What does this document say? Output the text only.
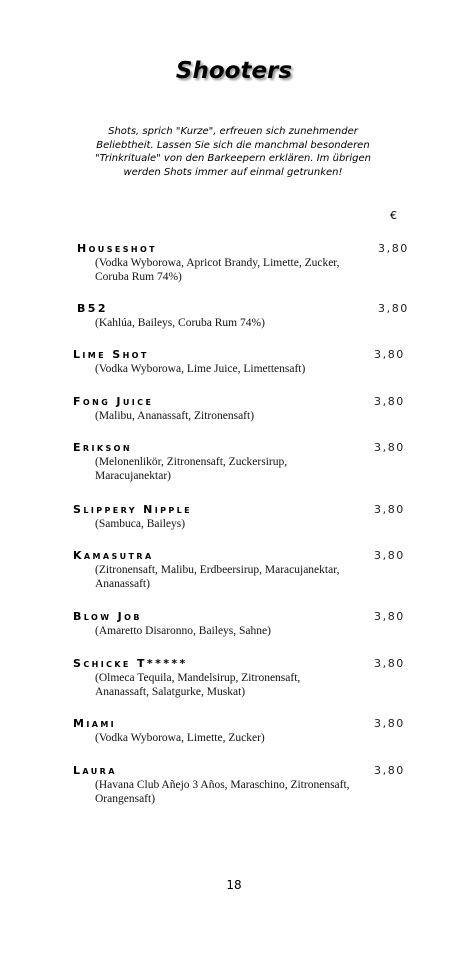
Shooters
Shots, sprich "Kurze", erfreuen sich zunehmender Beliebtheit. Lassen Sie sich die manchmal besonderen "Trinkrituale" von den Barkeepern erklären. Im übrigen werden Shots immer auf einmal getrunken!
€
Houseshot	3,80
(Vodka Wyborowa, Apricot Brandy, Limette, Zucker, Coruba Rum 74%)
B52	3,80
(Kahlúa, Baileys, Coruba Rum 74%)
Lime Shot	3,80
(Vodka Wyborowa, Lime Juice, Limettensaft)
Fong Juice	3,80
(Malibu, Ananassaft, Zitronensaft)
Erikson	3,80
(Melonenlikör, Zitronensaft, Zuckersirup, Maracujanektar)
Slippery Nipple	3,80
(Sambuca, Baileys)
Kamasutra	3,80
(Zitronensaft, Malibu, Erdbeersirup, Maracujanektar, Ananassaft)
Blow Job	3,80
(Amaretto Disaronno, Baileys, Sahne)
Schicke T*****	3,80
(Olmeca Tequila, Mandelsirup, Zitronensaft, Ananassaft, Salatgurke, Muskat)
Miami	3,80
(Vodka Wyborowa, Limette, Zucker)
Laura	3,80
(Havana Club Añejo 3 Años, Maraschino, Zitronensaft, Orangensaft)
18
